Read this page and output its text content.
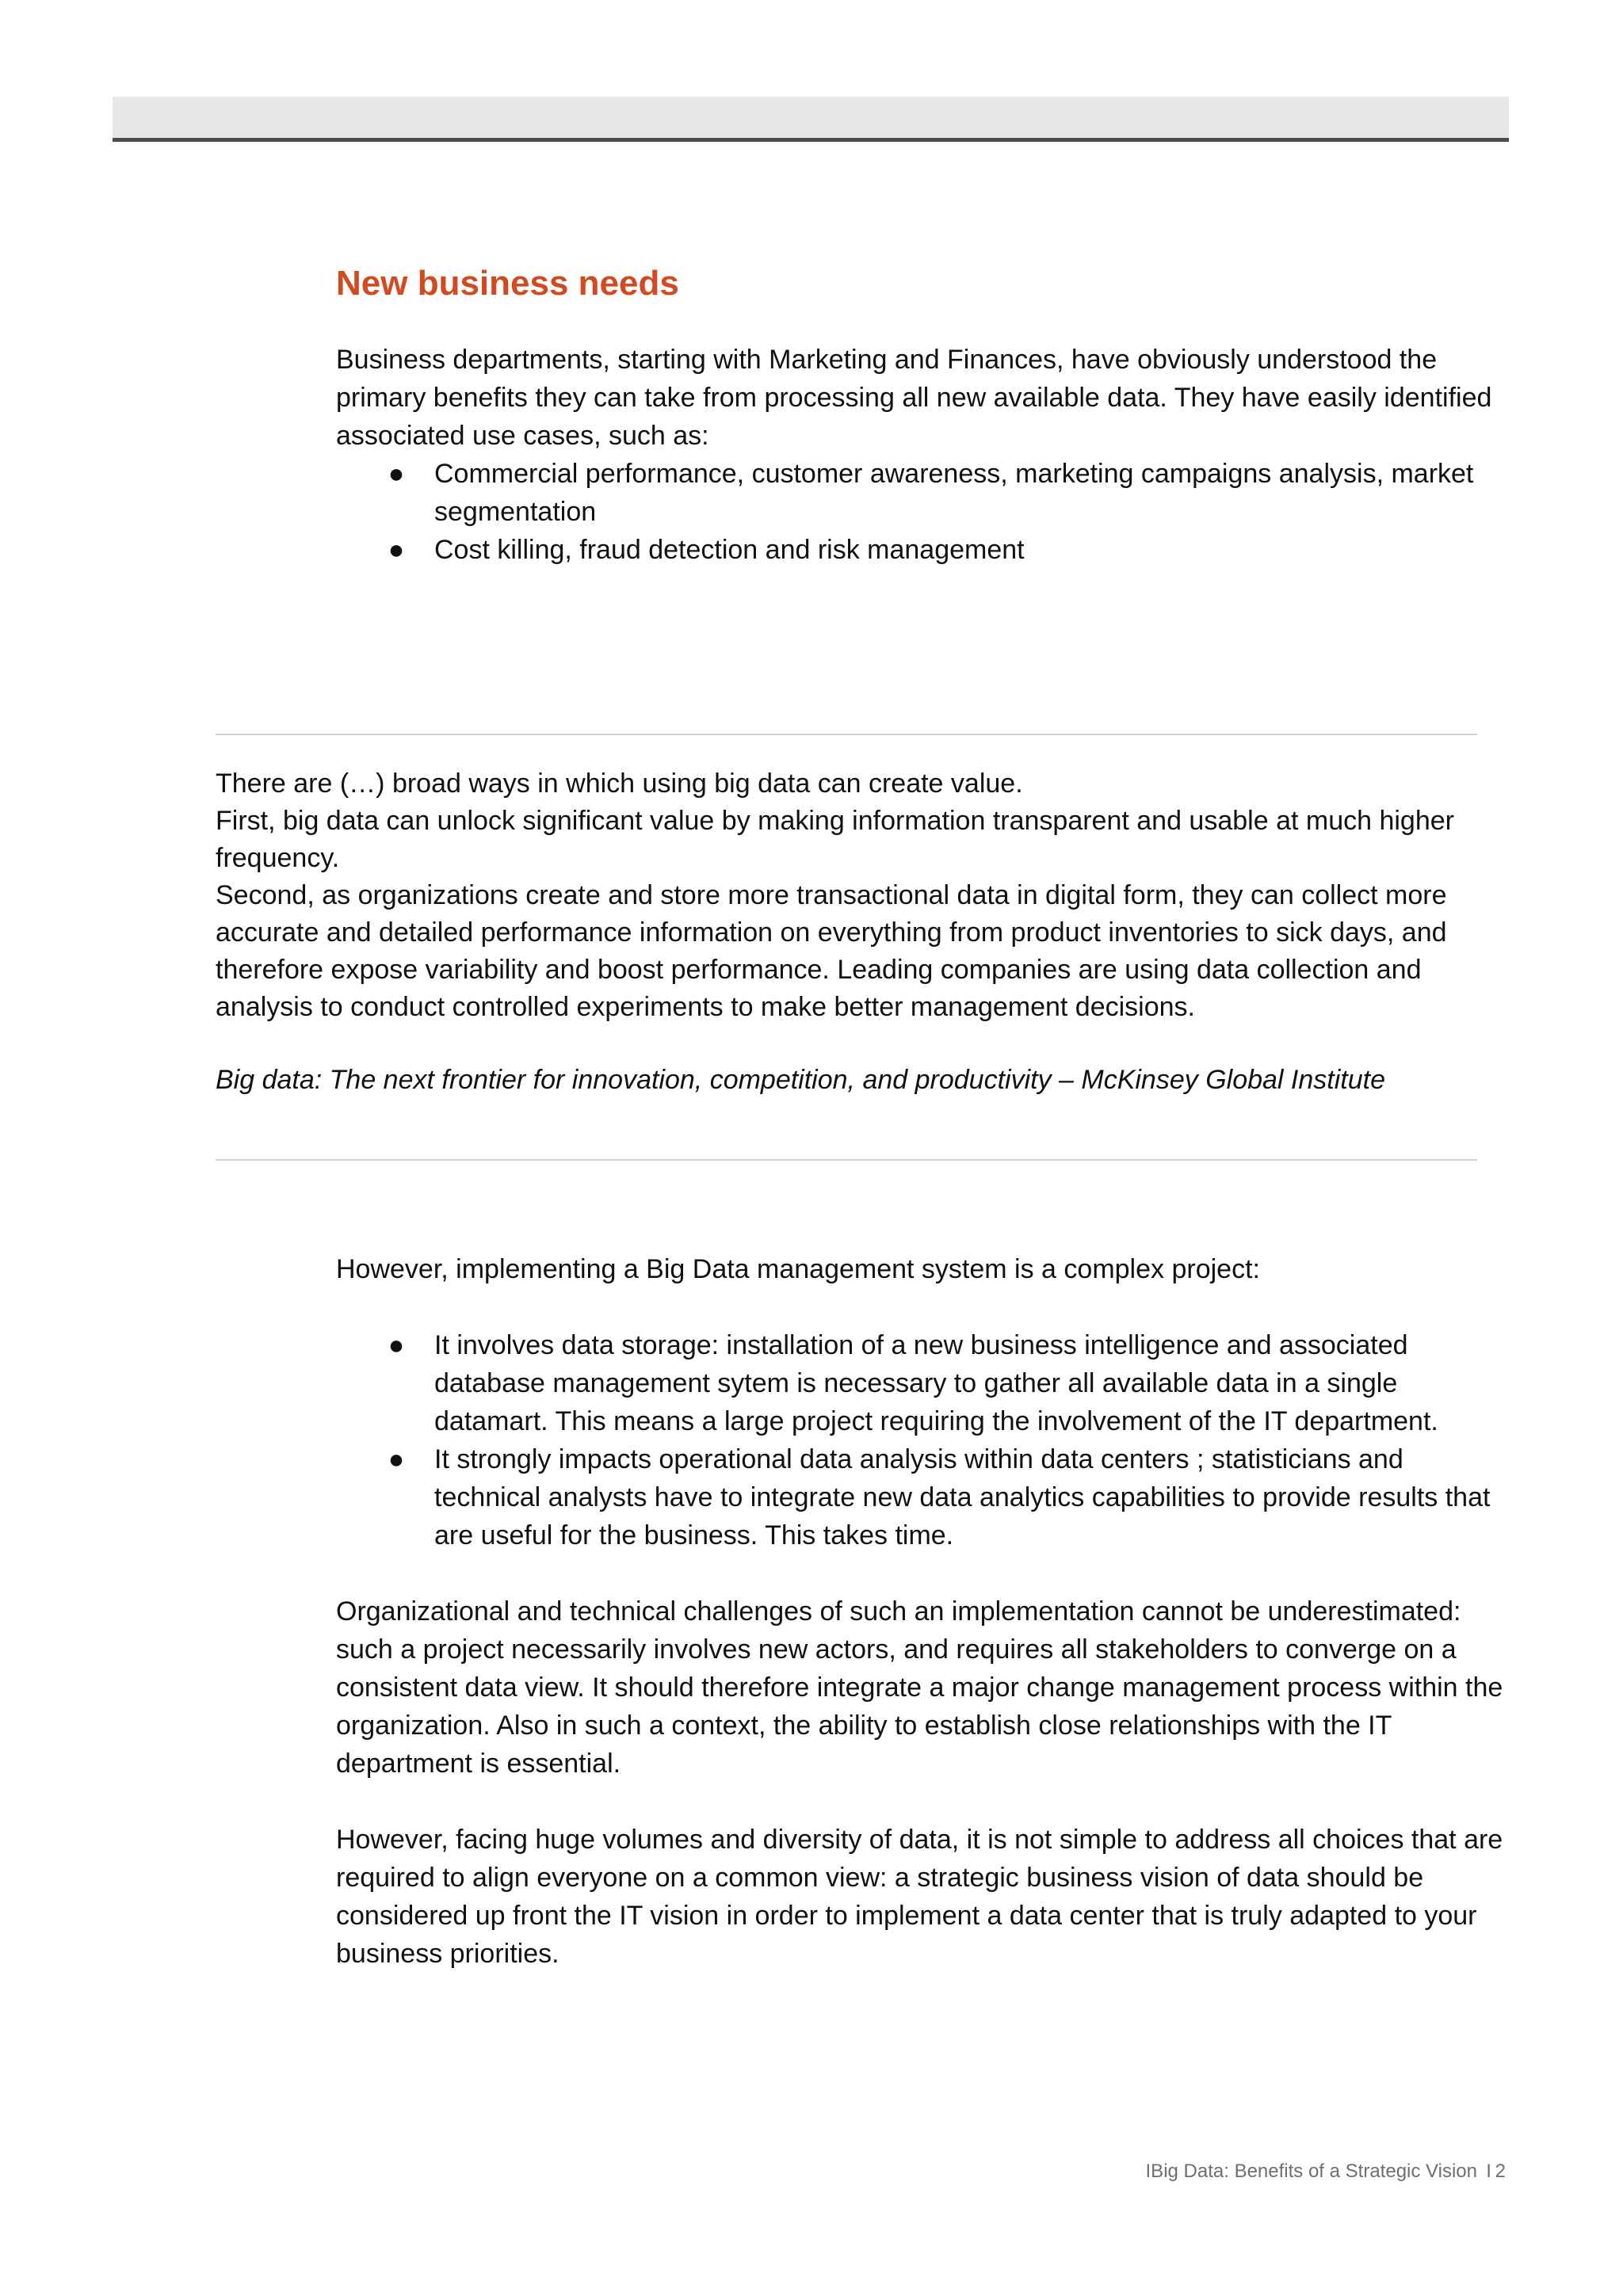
New business needs

Business departments, starting with Marketing and Finances, have obviously understood the primary benefits they can take from processing all new available data. They have easily identified associated use cases, such as:

● Commercial performance, customer awareness, marketing campaigns analysis, market segmentation
● Cost killing, fraud detection and risk management

There are (…) broad ways in which using big data can create value.

First, big data can unlock significant value by making information transparent and usable at much higher frequency.

Second, as organizations create and store more transactional data in digital form, they can collect more accurate and detailed performance information on everything from product inventories to sick days, and therefore expose variability and boost performance. Leading companies are using data collection and analysis to conduct controlled experiments to make better management decisions.

Big data: The next frontier for innovation, competition, and productivity – McKinsey Global Institute

However, implementing a Big Data management system is a complex project:

● It involves data storage: installation of a new business intelligence and associated database management sytem is necessary to gather all available data in a single datamart. This means a large project requiring the involvement of the IT department.
● It strongly impacts operational data analysis within data centers ; statisticians and technical analysts have to integrate new data analytics capabilities to provide results that are useful for the business. This takes time.

Organizational and technical challenges of such an implementation cannot be underestimated: such a project necessarily involves new actors, and requires all stakeholders to converge on a consistent data view. It should therefore integrate a major change management process within the organization. Also in such a context, the ability to establish close relationships with the IT department is essential.

However, facing huge volumes and diversity of data, it is not simple to address all choices that are required to align everyone on a common view: a strategic business vision of data should be considered up front the IT vision in order to implement a data center that is truly adapted to your business priorities.

IBig Data: Benefits of a Strategic Vision I 2
